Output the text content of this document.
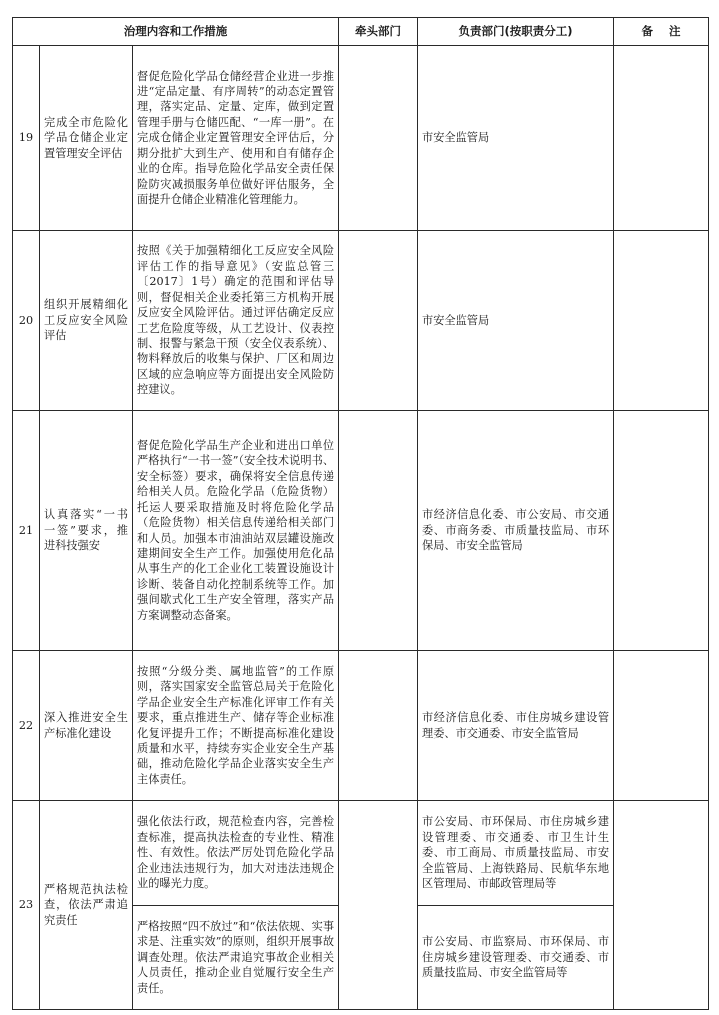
治理内容和工作措施			牵头部门	负责部门(按职责分工)	备    注
19	完成全市危险化学品仓储企业定置管理安全评估	督促危险化学品仓储经营企业进一步推进“定品定量、有序周转”的动态定置管理，落实定品、定量、定库，做到定置管理手册与仓储匹配、“一库一册”。在完成仓储企业定置管理安全评估后，分期分批扩大到生产、使用和自有储存企业的仓库。指导危险化学品安全责任保险防灾减损服务单位做好评估服务，全面提升仓储企业精准化管理能力。		市安全监管局	
20	组织开展精细化工反应安全风险评估	按照《关于加强精细化工反应安全风险评估工作的指导意见》（安监总管三〔2017〕1号）确定的范围和评估导则，督促相关企业委托第三方机构开展反应安全风险评估。通过评估确定反应工艺危险度等级，从工艺设计、仪表控制、报警与紧急干预（安全仪表系统）、物料释放后的收集与保护、厂区和周边区域的应急响应等方面提出安全风险防控建议。		市安全监管局	
21	认真落实“一书一签”要求，推进科技强安	督促危险化学品生产企业和进出口单位严格执行“一书一签”（安全技术说明书、安全标签）要求，确保将安全信息传递给相关人员。危险化学品（危险货物）托运人要采取措施及时将危险化学品（危险货物）相关信息传递给相关部门和人员。加强本市油油站双层罐设施改建期间安全生产工作。加强使用危化品从事生产的化工企业化工装置设施设计诊断、装备自动化控制系统等工作。加强间歇式化工生产安全管理，落实产品方案调整动态备案。		市经济信息化委、市公安局、市交通委、市商务委、市质量技监局、市环保局、市安全监管局	
22	深入推进安全生产标准化建设	按照“分级分类、属地监管”的工作原则，落实国家安全监管总局关于危险化学品企业安全生产标准化评审工作有关要求，重点推进生产、储存等企业标准化复评提升工作；不断提高标准化建设质量和水平，持续夯实企业安全生产基础，推动危险化学品企业落实安全生产主体责任。		市经济信息化委、市住房城乡建设管理委、市交通委、市安全监管局	
23	严格规范执法检查，依法严肃追究责任	强化依法行政，规范检查内容，完善检查标准，提高执法检查的专业性、精准性、有效性。依法严厉处罚危险化学品企业违法违规行为，加大对违法违规企业的曝光力度。		市公安局、市环保局、市住房城乡建设管理委、市交通委、市卫生计生委、市工商局、市质量技监局、市安全监管局、上海铁路局、民航华东地区管理局、市邮政管理局等	
		严格按照“四不放过”和“依法依规、实事求是、注重实效”的原则，组织开展事故调查处理。依法严肃追究事故企业相关人员责任，推动企业自觉履行安全生产责任。		市公安局、市监察局、市环保局、市住房城乡建设管理委、市交通委、市质量技监局、市安全监管局等	
